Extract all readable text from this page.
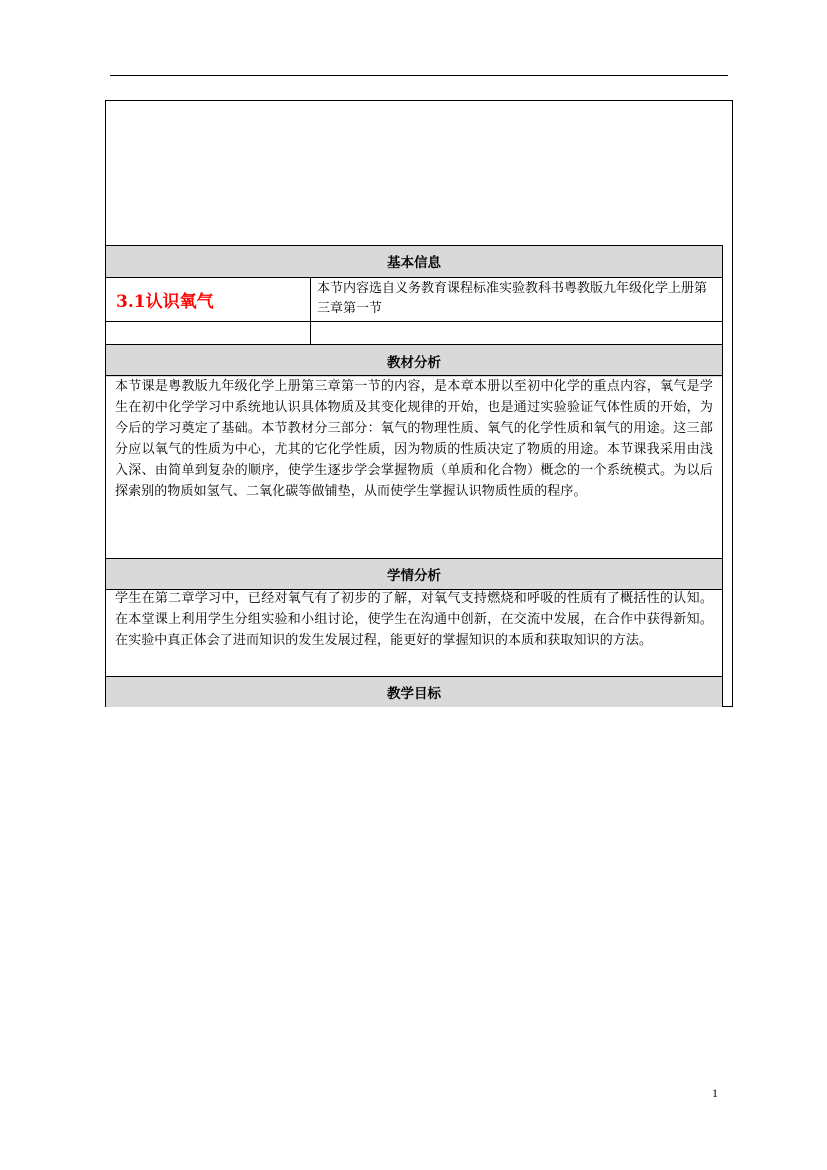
基本信息
3.1认识氧气
本节内容选自义务教育课程标准实验教科书粤教版九年级化学上册第三章第一节
教材分析
本节课是粤教版九年级化学上册第三章第一节的内容，是本章本册以至初中化学的重点内容，氧气是学生在初中化学学习中系统地认识具体物质及其变化规律的开始，也是通过实验验证气体性质的开始，为今后的学习奠定了基础。本节教材分三部分：氧气的物理性质、氧气的化学性质和氧气的用途。这三部分应以氧气的性质为中心，尤其的它化学性质，因为物质的性质决定了物质的用途。本节课我采用由浅入深、由简单到复杂的顺序，使学生逐步学会掌握物质（单质和化合物）概念的一个系统模式。为以后探索别的物质如氢气、二氧化碳等做铺垫，从而使学生掌握认识物质性质的程序。
学情分析
学生在第二章学习中，已经对氧气有了初步的了解，对氧气支持燃烧和呼吸的性质有了概括性的认知。在本堂课上利用学生分组实验和小组讨论，使学生在沟通中创新，在交流中发展，在合作中获得新知。在实验中真正体会了进而知识的发生发展过程，能更好的掌握知识的本质和获取知识的方法。
教学目标
1
